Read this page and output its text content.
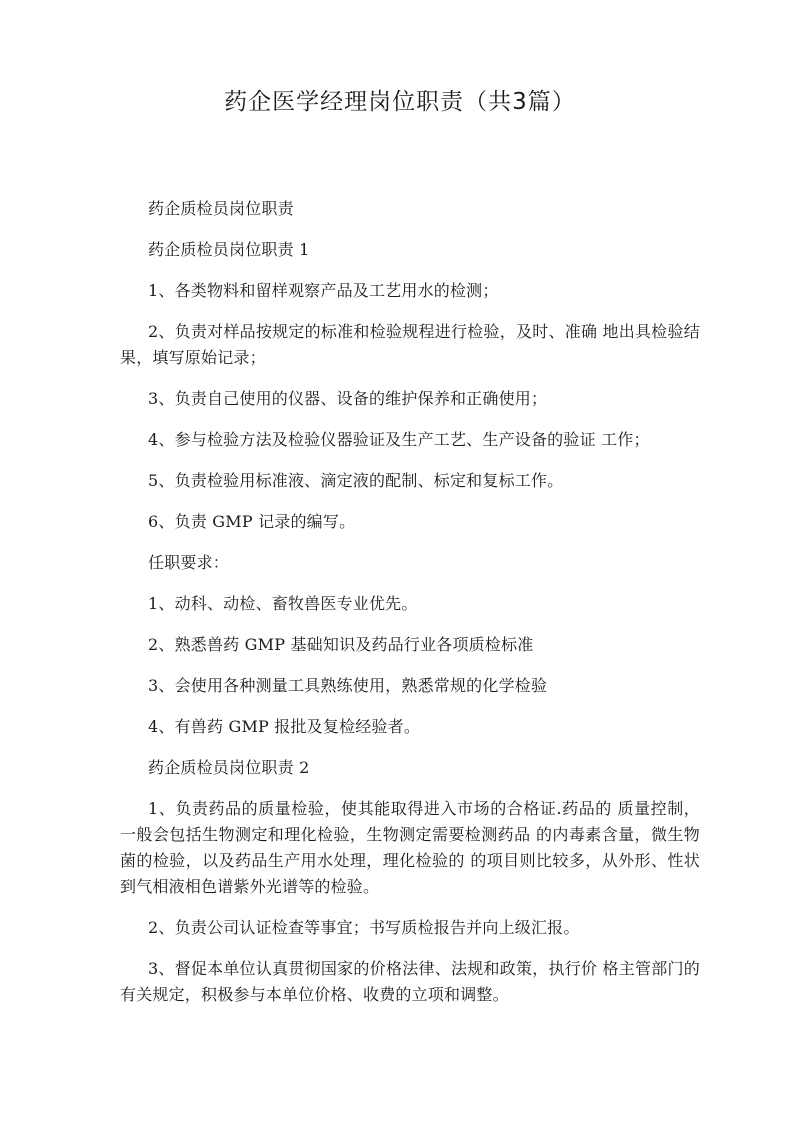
药企医学经理岗位职责（共3篇）

药企质检员岗位职责

药企质检员岗位职责 1

1、各类物料和留样观察产品及工艺用水的检测；

2、负责对样品按规定的标准和检验规程进行检验，及时、准确 地出具检验结果，填写原始记录；

3、负责自己使用的仪器、设备的维护保养和正确使用；

4、参与检验方法及检验仪器验证及生产工艺、生产设备的验证 工作；

5、负责检验用标准液、滴定液的配制、标定和复标工作。

6、负责 GMP 记录的编写。

任职要求：

1、动科、动检、畜牧兽医专业优先。

2、熟悉兽药 GMP 基础知识及药品行业各项质检标准

3、会使用各种测量工具熟练使用，熟悉常规的化学检验

4、有兽药 GMP 报批及复检经验者。

药企质检员岗位职责 2

1、负责药品的质量检验，使其能取得进入市场的合格证.药品的 质量控制，一般会包括生物测定和理化检验，生物测定需要检测药品 的内毒素含量，微生物菌的检验，以及药品生产用水处理，理化检验的 的项目则比较多，从外形、性状到气相液相色谱紫外光谱等的检验。

2、负责公司认证检查等事宜；书写质检报告并向上级汇报。

3、督促本单位认真贯彻国家的价格法律、法规和政策，执行价 格主管部门的有关规定，积极参与本单位价格、收费的立项和调整。
